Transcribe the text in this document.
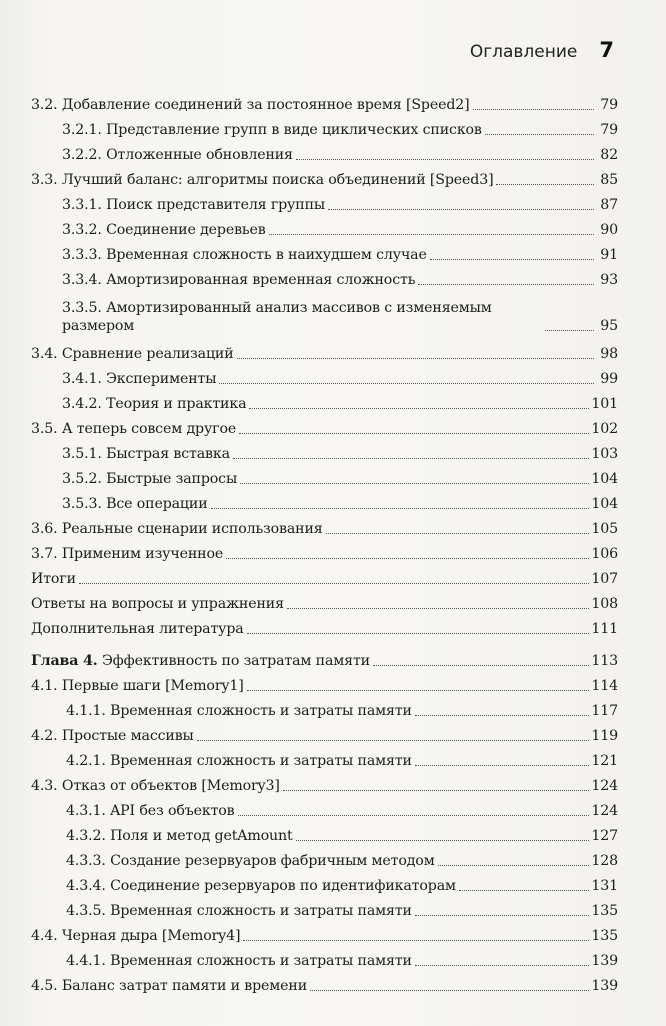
Оглавление 7
3.2. Добавление соединений за постоянное время [Speed2]	79
3.2.1. Представление групп в виде циклических списков	79
3.2.2. Отложенные обновления	82
3.3. Лучший баланс: алгоритмы поиска объединений [Speed3]	85
3.3.1. Поиск представителя группы	87
3.3.2. Соединение деревьев	90
3.3.3. Временная сложность в наихудшем случае	91
3.3.4. Амортизированная временная сложность	93
3.3.5. Амортизированный анализ массивов с изменяемым размером	95
3.4. Сравнение реализаций	98
3.4.1. Эксперименты	99
3.4.2. Теория и практика	101
3.5. А теперь совсем другое	102
3.5.1. Быстрая вставка	103
3.5.2. Быстрые запросы	104
3.5.3. Все операции	104
3.6. Реальные сценарии использования	105
3.7. Применим изученное	106
Итоги	107
Ответы на вопросы и упражнения	108
Дополнительная литература	111
Глава 4. Эффективность по затратам памяти	113
4.1. Первые шаги [Memory1]	114
4.1.1. Временная сложность и затраты памяти	117
4.2. Простые массивы	119
4.2.1. Временная сложность и затраты памяти	121
4.3. Отказ от объектов [Memory3]	124
4.3.1. API без объектов	124
4.3.2. Поля и метод getAmount	127
4.3.3. Создание резервуаров фабричным методом	128
4.3.4. Соединение резервуаров по идентификаторам	131
4.3.5. Временная сложность и затраты памяти	135
4.4. Черная дыра [Memory4]	135
4.4.1. Временная сложность и затраты памяти	139
4.5. Баланс затрат памяти и времени	139
